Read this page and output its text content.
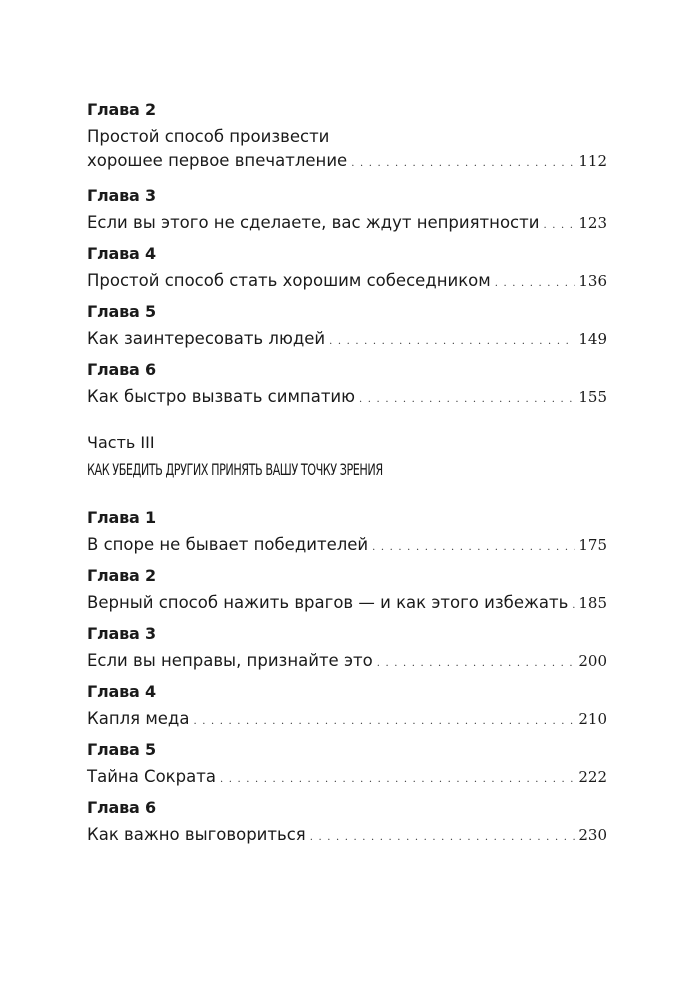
Глава 2
Простой способ произвести
хорошее первое впечатление . . .	112
Глава 3
Если вы этого не сделаете, вас ждут неприятности . . .	123
Глава 4
Простой способ стать хорошим собеседником . . .	136
Глава 5
Как заинтересовать людей . . .	149
Глава 6
Как быстро вызвать симпатию . . .	155
Часть III
КАК УБЕДИТЬ ДРУГИХ ПРИНЯТЬ ВАШУ ТОЧКУ ЗРЕНИЯ
Глава 1
В споре не бывает победителей . . .	175
Глава 2
Верный способ нажить врагов — и как этого избежать . . . 185
Глава 3
Если вы неправы, признайте это . . .	200
Глава 4
Капля меда . . .	210
Глава 5
Тайна Сократа . . .	222
Глава 6
Как важно выговориться . . .	230
